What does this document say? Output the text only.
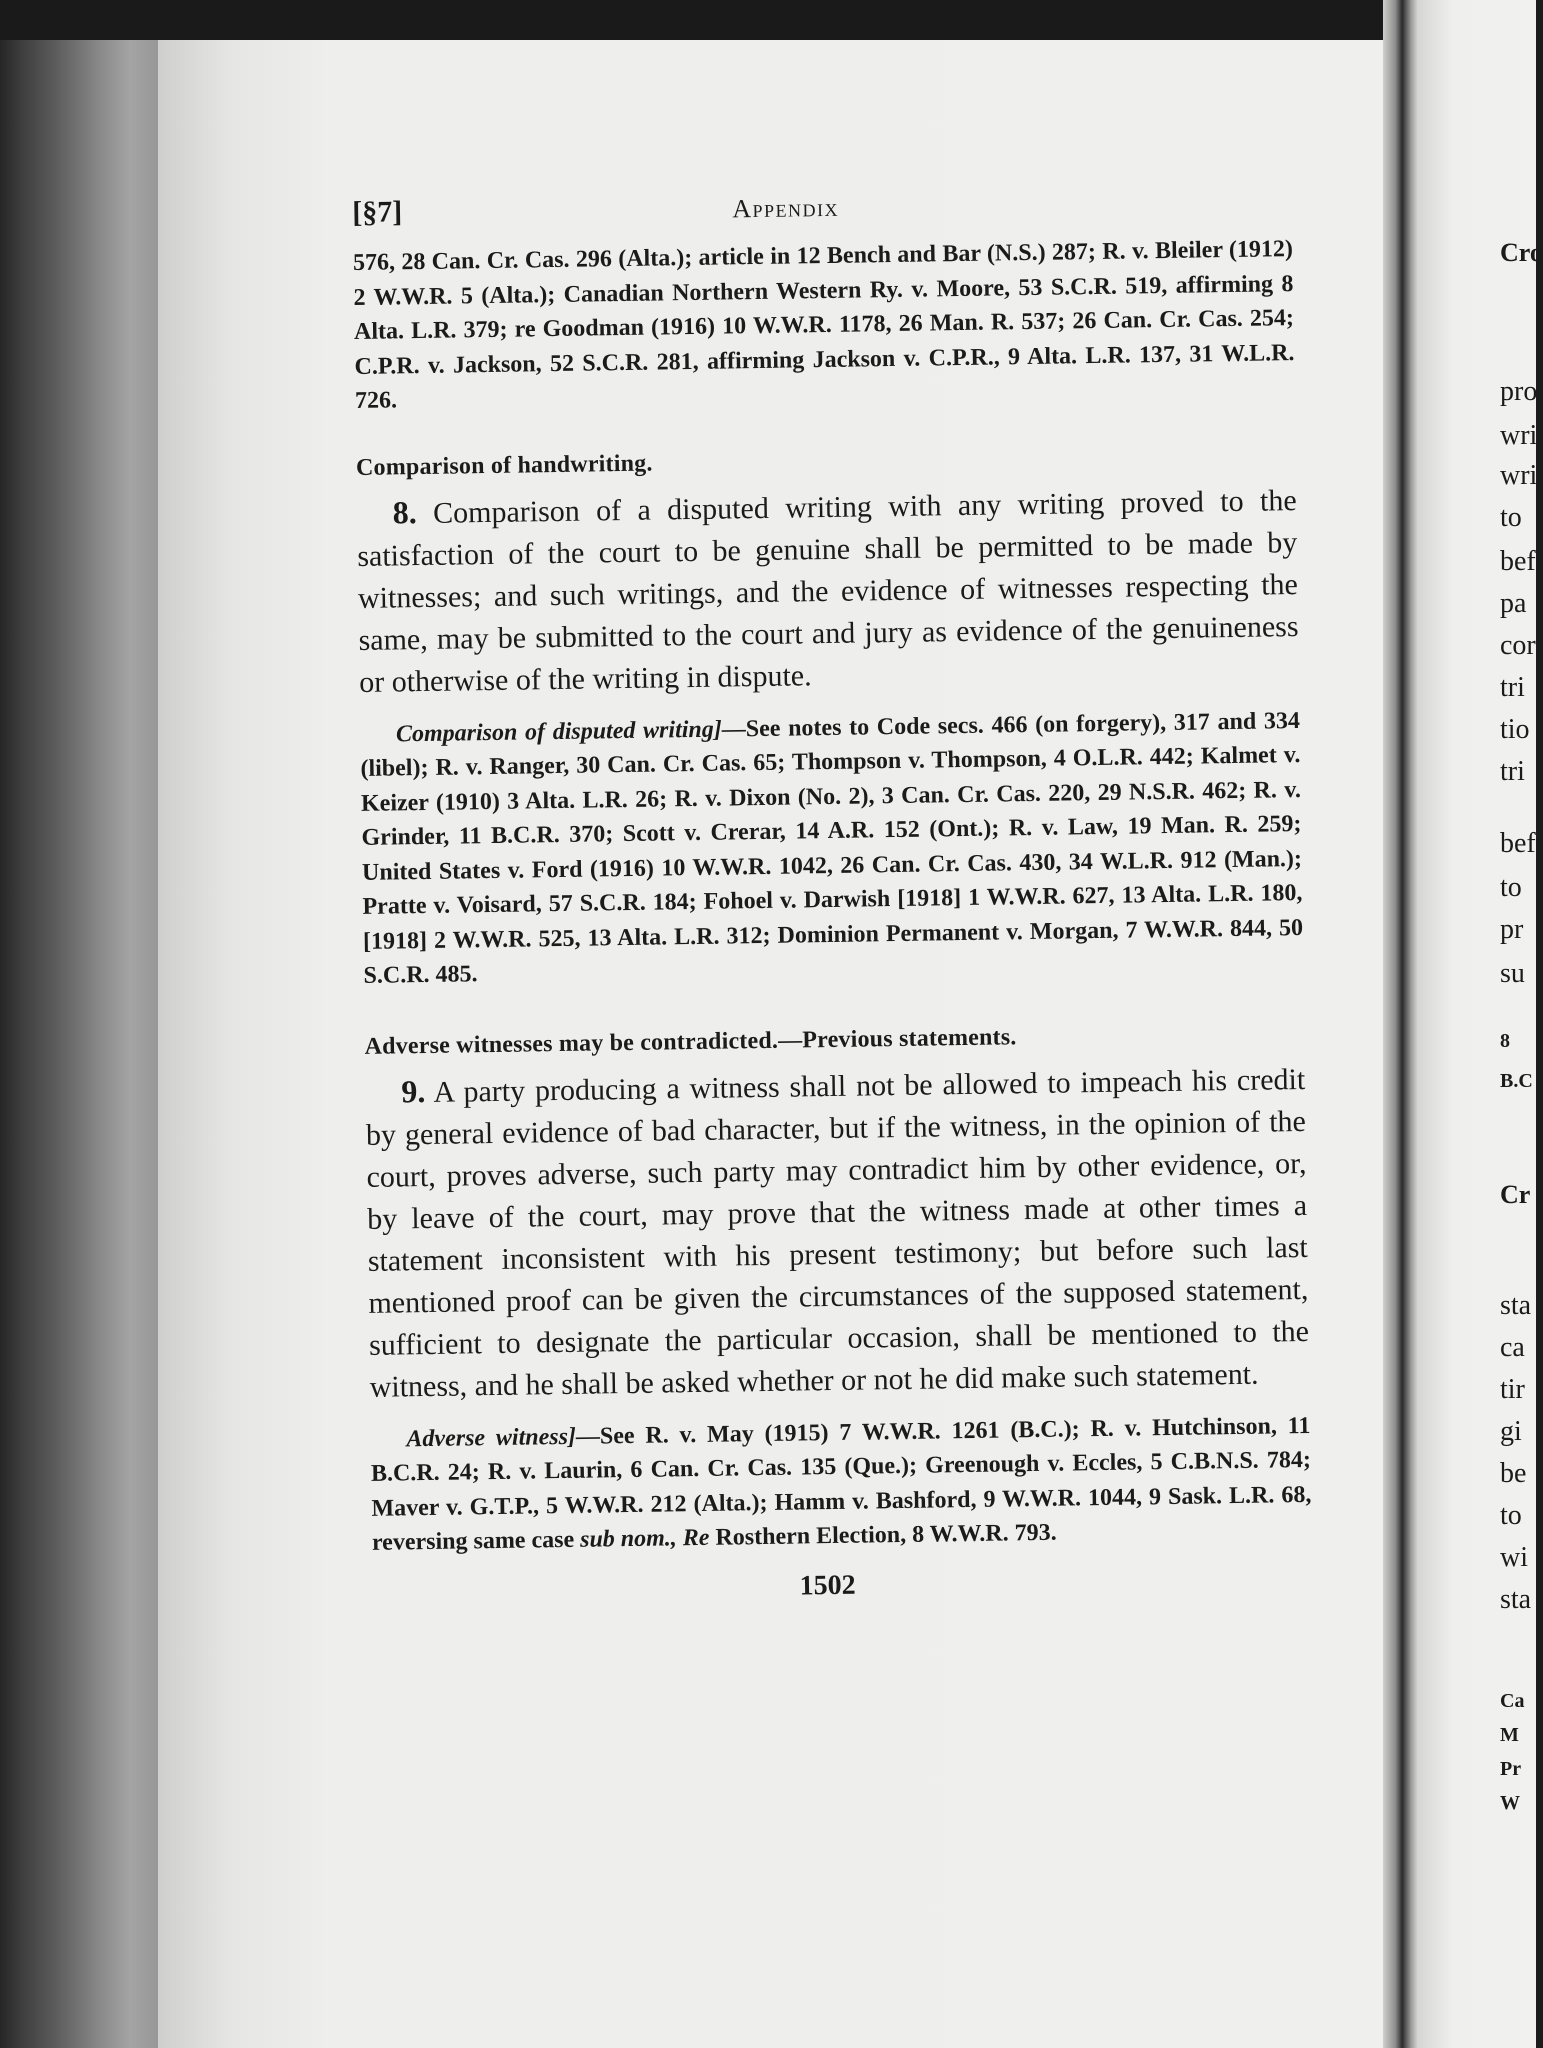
[§7]	Appendix

576, 28 Can. Cr. Cas. 296 (Alta.); article in 12 Bench and Bar (N.S.) 287; R. v. Bleiler (1912) 2 W.W.R. 5 (Alta.); Canadian Northern Western Ry. v. Moore, 53 S.C.R. 519, affirming 8 Alta. L.R. 379; re Goodman (1916) 10 W.W.R. 1178, 26 Man. R. 537; 26 Can. Cr. Cas. 254; C.P.R. v. Jackson, 52 S.C.R. 281, affirming Jackson v. C.P.R., 9 Alta. L.R. 137, 31 W.L.R. 726.

Comparison of handwriting.

8. Comparison of a disputed writing with any writing proved to the satisfaction of the court to be genuine shall be permitted to be made by witnesses; and such writings, and the evidence of witnesses respecting the same, may be submitted to the court and jury as evidence of the genuineness or otherwise of the writing in dispute.

Comparison of disputed writing]—See notes to Code secs. 466 (on forgery), 317 and 334 (libel); R. v. Ranger, 30 Can. Cr. Cas. 65; Thompson v. Thompson, 4 O.L.R. 442; Kalmet v. Keizer (1910) 3 Alta. L.R. 26; R. v. Dixon (No. 2), 3 Can. Cr. Cas. 220, 29 N.S.R. 462; R. v. Grinder, 11 B.C.R. 370; Scott v. Crerar, 14 A.R. 152 (Ont.); R. v. Law, 19 Man. R. 259; United States v. Ford (1916) 10 W.W.R. 1042, 26 Can. Cr. Cas. 430, 34 W.L.R. 912 (Man.); Pratte v. Voisard, 57 S.C.R. 184; Fohoel v. Darwish [1918] 1 W.W.R. 627, 13 Alta. L.R. 180, [1918] 2 W.W.R. 525, 13 Alta. L.R. 312; Dominion Permanent v. Morgan, 7 W.W.R. 844, 50 S.C.R. 485.

Adverse witnesses may be contradicted.—Previous statements.

9. A party producing a witness shall not be allowed to impeach his credit by general evidence of bad character, but if the witness, in the opinion of the court, proves adverse, such party may contradict him by other evidence, or, by leave of the court, may prove that the witness made at other times a statement inconsistent with his present testimony; but before such last mentioned proof can be given the circumstances of the supposed statement, sufficient to designate the particular occasion, shall be mentioned to the witness, and he shall be asked whether or not he did make such statement.

Adverse witness]—See R. v. May (1915) 7 W.W.R. 1261 (B.C.); R. v. Hutchinson, 11 B.C.R. 24; R. v. Laurin, 6 Can. Cr. Cas. 135 (Que.); Greenough v. Eccles, 5 C.B.N.S. 784; Maver v. G.T.P., 5 W.W.R. 212 (Alta.); Hamm v. Bashford, 9 W.W.R. 1044, 9 Sask. L.R. 68, reversing same case sub nom., Re Rosthern Election, 8 W.W.R. 793.

1502
Cro
pro
wri
wri
to
bef
pa
cor
tri
tio
tri
bef
to
pr
su
8
B.C
Cr
sta
ca
tir
gi
be
to
wi
sta
Ca
M
Pr
W
